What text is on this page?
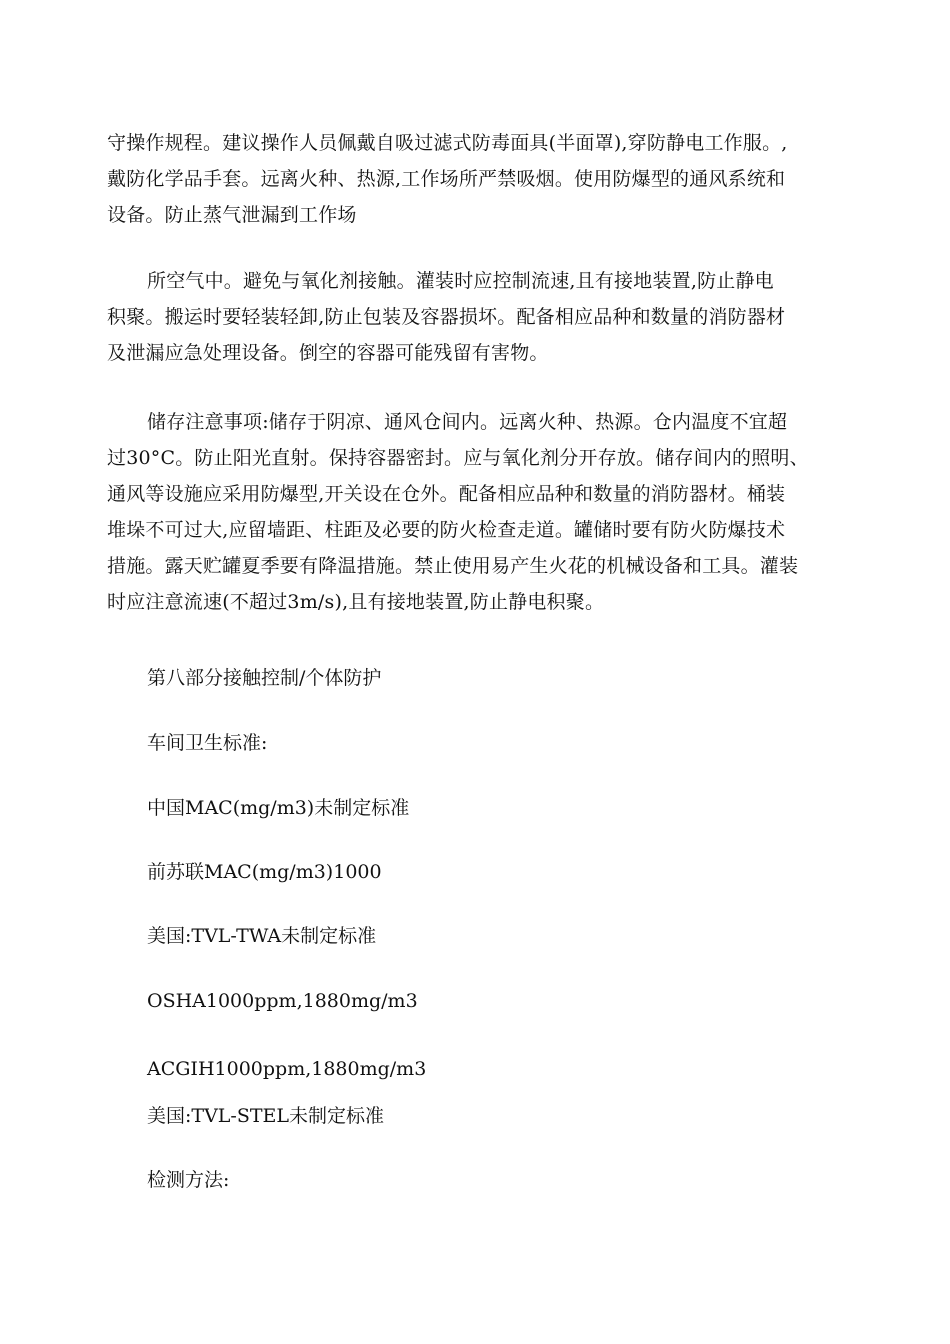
守操作规程。建议操作人员佩戴自吸过滤式防毒面具(半面罩),穿防静电工作服。,
戴防化学品手套。远离火种、热源,工作场所严禁吸烟。使用防爆型的通风系统和
设备。防止蒸气泄漏到工作场
所空气中。避免与氧化剂接触。灌装时应控制流速,且有接地装置,防止静电
积聚。搬运时要轻装轻卸,防止包装及容器损坏。配备相应品种和数量的消防器材
及泄漏应急处理设备。倒空的容器可能残留有害物。
储存注意事项:储存于阴凉、通风仓间内。远离火种、热源。仓内温度不宜超
过30°C。防止阳光直射。保持容器密封。应与氧化剂分开存放。储存间内的照明、
通风等设施应采用防爆型,开关设在仓外。配备相应品种和数量的消防器材。桶装
堆垛不可过大,应留墙距、柱距及必要的防火检查走道。罐储时要有防火防爆技术
措施。露天贮罐夏季要有降温措施。禁止使用易产生火花的机械设备和工具。灌装
时应注意流速(不超过3m/s),且有接地装置,防止静电积聚。

第八部分接触控制/个体防护

车间卫生标准:

中国MAC(mg/m3)未制定标准

前苏联MAC(mg/m3)1000

美国:TVL-TWA未制定标准

OSHA1000ppm,1880mg/m3

ACGIH1000ppm,1880mg/m3

美国:TVL-STEL未制定标准

检测方法:
